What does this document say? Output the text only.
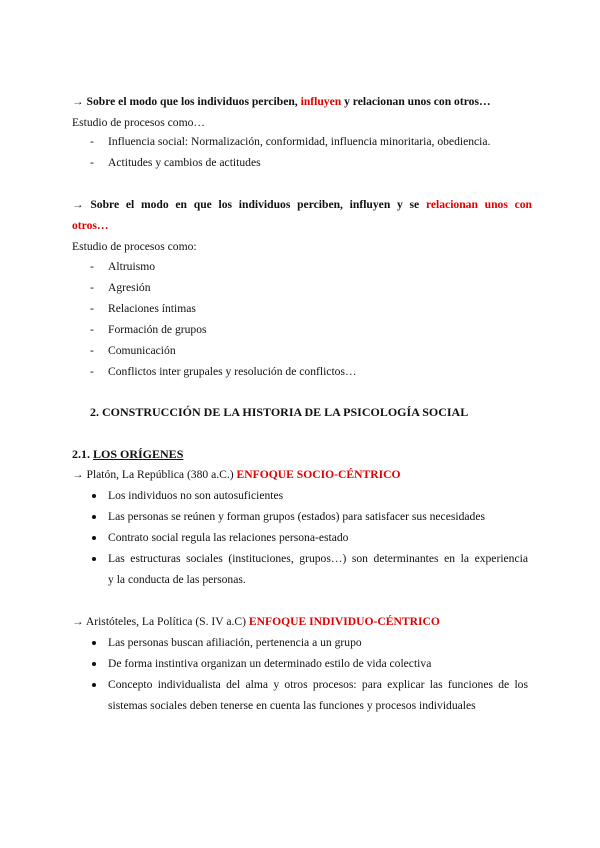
→ Sobre el modo que los individuos perciben, influyen y relacionan unos con otros…
Estudio de procesos como…
- Influencia social: Normalización, conformidad, influencia minoritaria, obediencia.
- Actitudes y cambios de actitudes
→ Sobre el modo en que los individuos perciben, influyen y se relacionan unos con
otros…
Estudio de procesos como:
- Altruismo
- Agresión
- Relaciones íntimas
- Formación de grupos
- Comunicación
- Conflictos inter grupales y resolución de conflictos…
2. CONSTRUCCIÓN DE LA HISTORIA DE LA PSICOLOGÍA SOCIAL
2.1. LOS ORÍGENES
→ Platón, La República (380 a.C.) ENFOQUE SOCIO-CÉNTRICO
Los individuos no son autosuficientes
Las personas se reúnen y forman grupos (estados) para satisfacer sus necesidades
Contrato social regula las relaciones persona-estado
Las estructuras sociales (instituciones, grupos…) son determinantes en la experiencia
y la conducta de las personas.
→ Aristóteles, La Política (S. IV a.C) ENFOQUE INDIVIDUO-CÉNTRICO
Las personas buscan afiliación, pertenencia a un grupo
De forma instintiva organizan un determinado estilo de vida colectiva
Concepto individualista del alma y otros procesos: para explicar las funciones de los
sistemas sociales deben tenerse en cuenta las funciones y procesos individuales
